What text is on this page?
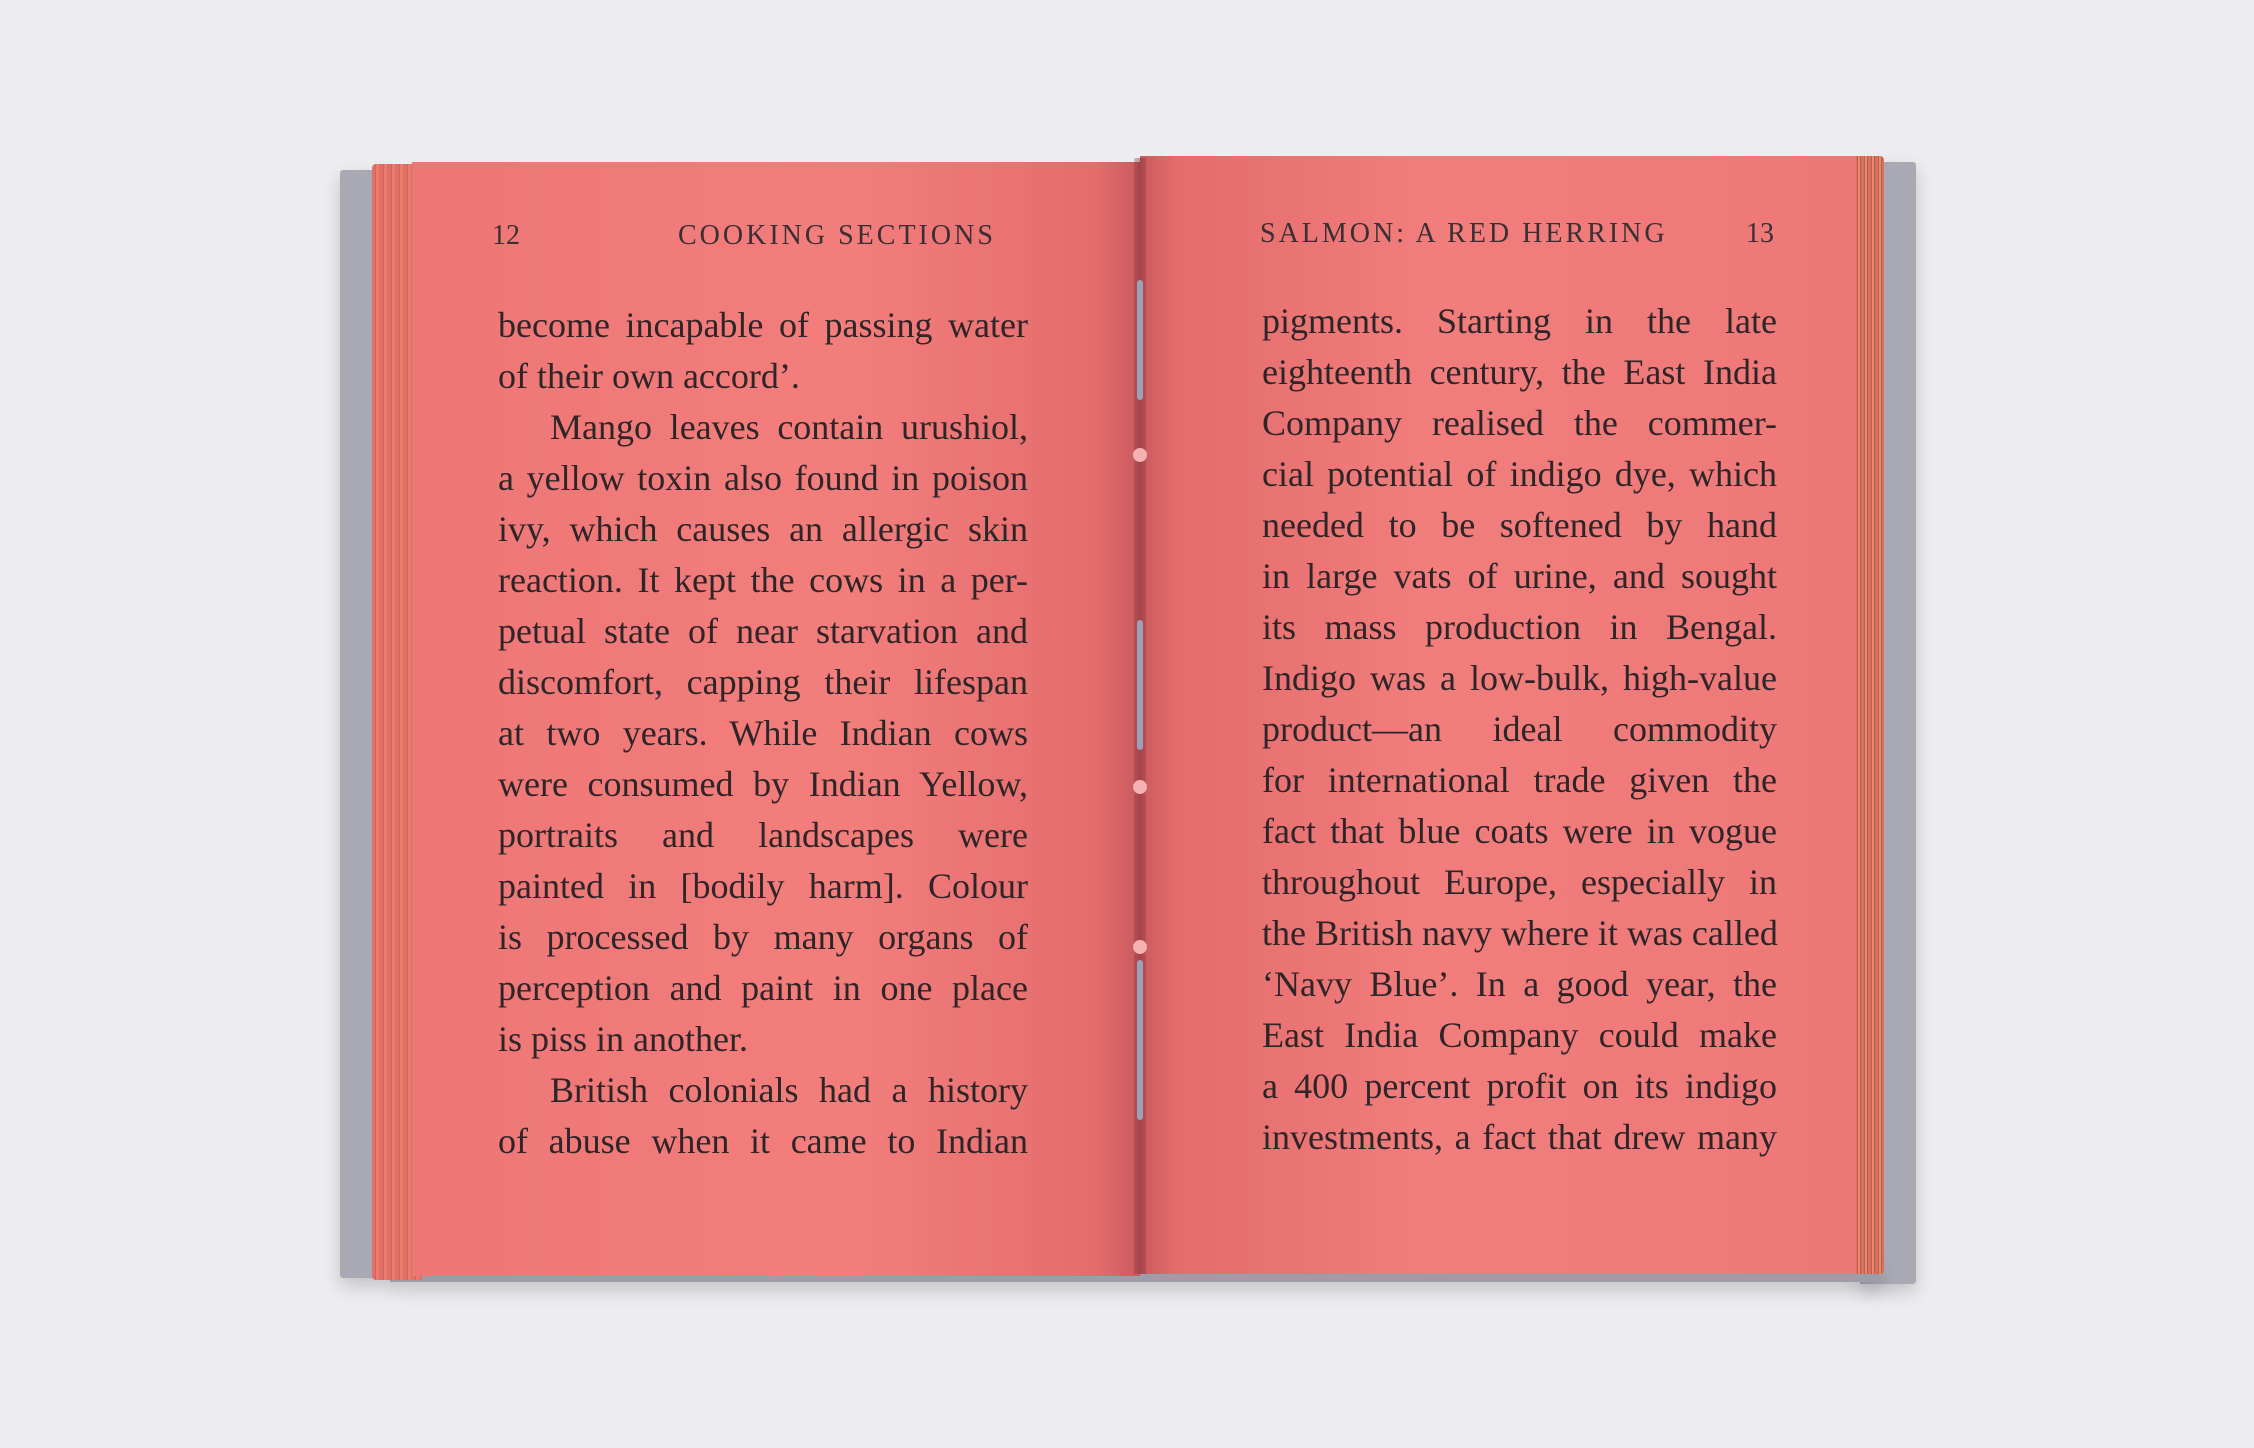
12	COOKING SECTIONS	SALMON: A RED HERRING	13
become incapable of passing water
of their own accord’.
Mango leaves contain urushiol,
a yellow toxin also found in poison
ivy, which causes an allergic skin
reaction. It kept the cows in a per-
petual state of near starvation and
discomfort, capping their lifespan
at two years. While Indian cows
were consumed by Indian Yellow,
portraits and landscapes were
painted in [bodily harm]. Colour
is processed by many organs of
perception and paint in one place
is piss in another.
British colonials had a history
of abuse when it came to Indian
pigments. Starting in the late
eighteenth century, the East India
Company realised the commer-
cial potential of indigo dye, which
needed to be softened by hand
in large vats of urine, and sought
its mass production in Bengal.
Indigo was a low-bulk, high-value
product—an ideal commodity
for international trade given the
fact that blue coats were in vogue
throughout Europe, especially in
the British navy where it was called
‘Navy Blue’. In a good year, the
East India Company could make
a 400 percent profit on its indigo
investments, a fact that drew many
